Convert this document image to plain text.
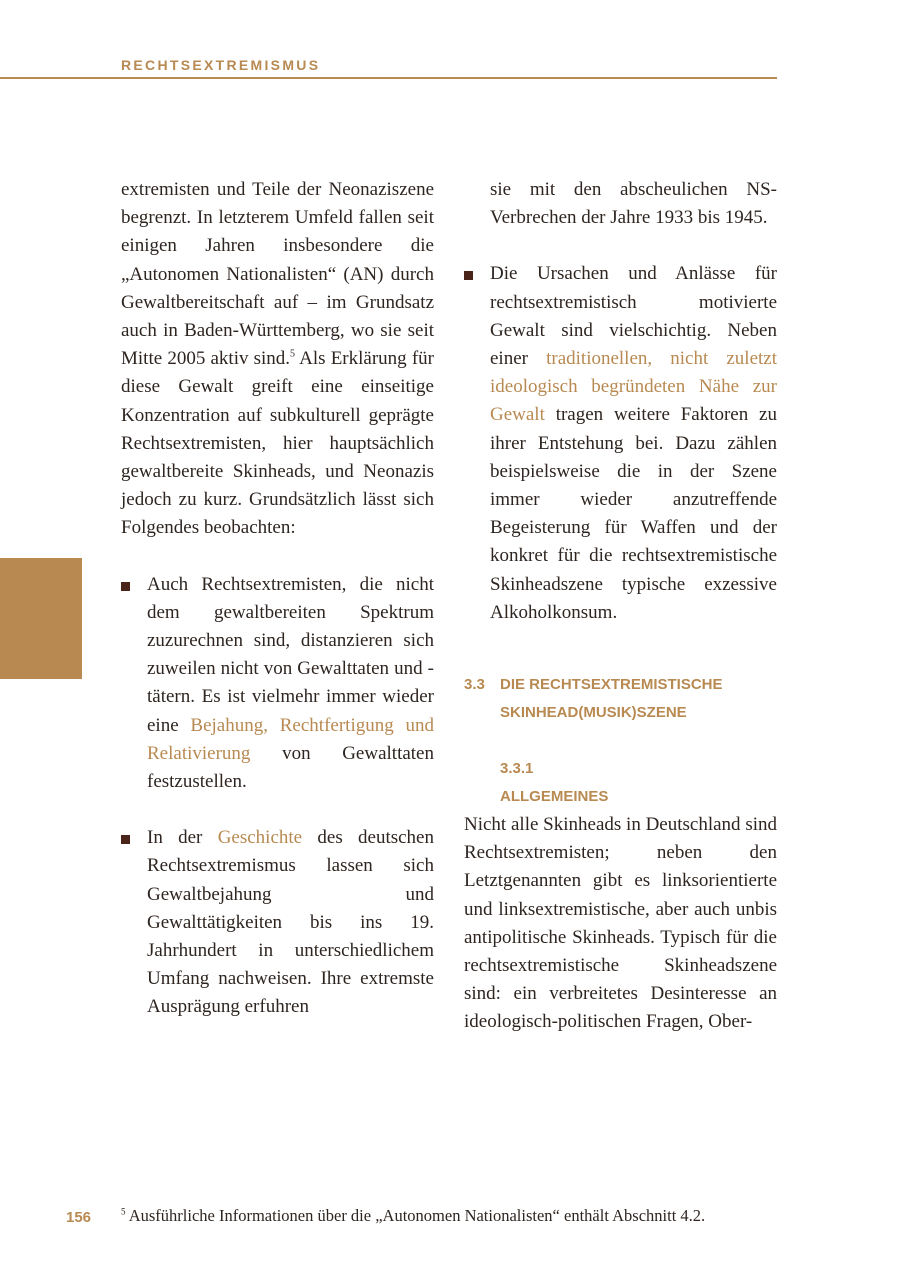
RECHTSEXTREMISMUS

extremisten und Teile der Neonaziszene begrenzt. In letzterem Umfeld fallen seit einigen Jahren insbesondere die „Autonomen Nationalisten“ (AN) durch Gewaltbereitschaft auf – im Grundsatz auch in Baden-Württemberg, wo sie seit Mitte 2005 aktiv sind.$^5$ Als Erklärung für diese Gewalt greift eine einseitige Konzentration auf subkulturell geprägte Rechtsextremisten, hier hauptsächlich gewaltbereite Skinheads, und Neonazis jedoch zu kurz. Grundsätzlich lässt sich Folgendes beobachten:

Auch Rechtsextremisten, die nicht dem gewaltbereiten Spektrum zuzurechnen sind, distanzieren sich zuweilen nicht von Gewalttaten und -tätern. Es ist vielmehr immer wieder eine Bejahung, Rechtfertigung und Relativierung von Gewalttaten festzustellen.

In der Geschichte des deutschen Rechtsextremismus lassen sich Gewaltbejahung und Gewalttätigkeiten bis ins 19. Jahrhundert in unterschiedlichem Umfang nachweisen. Ihre extremste Ausprägung erfuhren

sie mit den abscheulichen NS-Verbrechen der Jahre 1933 bis 1945.

Die Ursachen und Anlässe für rechtsextremistisch motivierte Gewalt sind vielschichtig. Neben einer traditionellen, nicht zuletzt ideologisch begründeten Nähe zur Gewalt tragen weitere Faktoren zu ihrer Entstehung bei. Dazu zählen beispielsweise die in der Szene immer wieder anzutreffende Begeisterung für Waffen und der konkret für die rechtsextremistische Skinheadszene typische exzessive Alkoholkonsum.

3.3 DIE RECHTSEXTREMISTISCHE
SKINHEAD(MUSIK)SZENE
3.3.1
ALLGEMEINES

Nicht alle Skinheads in Deutschland sind Rechtsextremisten; neben den Letztgenannten gibt es linksorientierte und linksextremistische, aber auch unbis antipolitische Skinheads. Typisch für die rechtsextremistische Skinheadszene sind: ein verbreitetes Desinteresse an ideologisch-politischen Fragen, Ober-

156	$^5$ Ausführliche Informationen über die „Autonomen Nationalisten“ enthält Abschnitt 4.2.
